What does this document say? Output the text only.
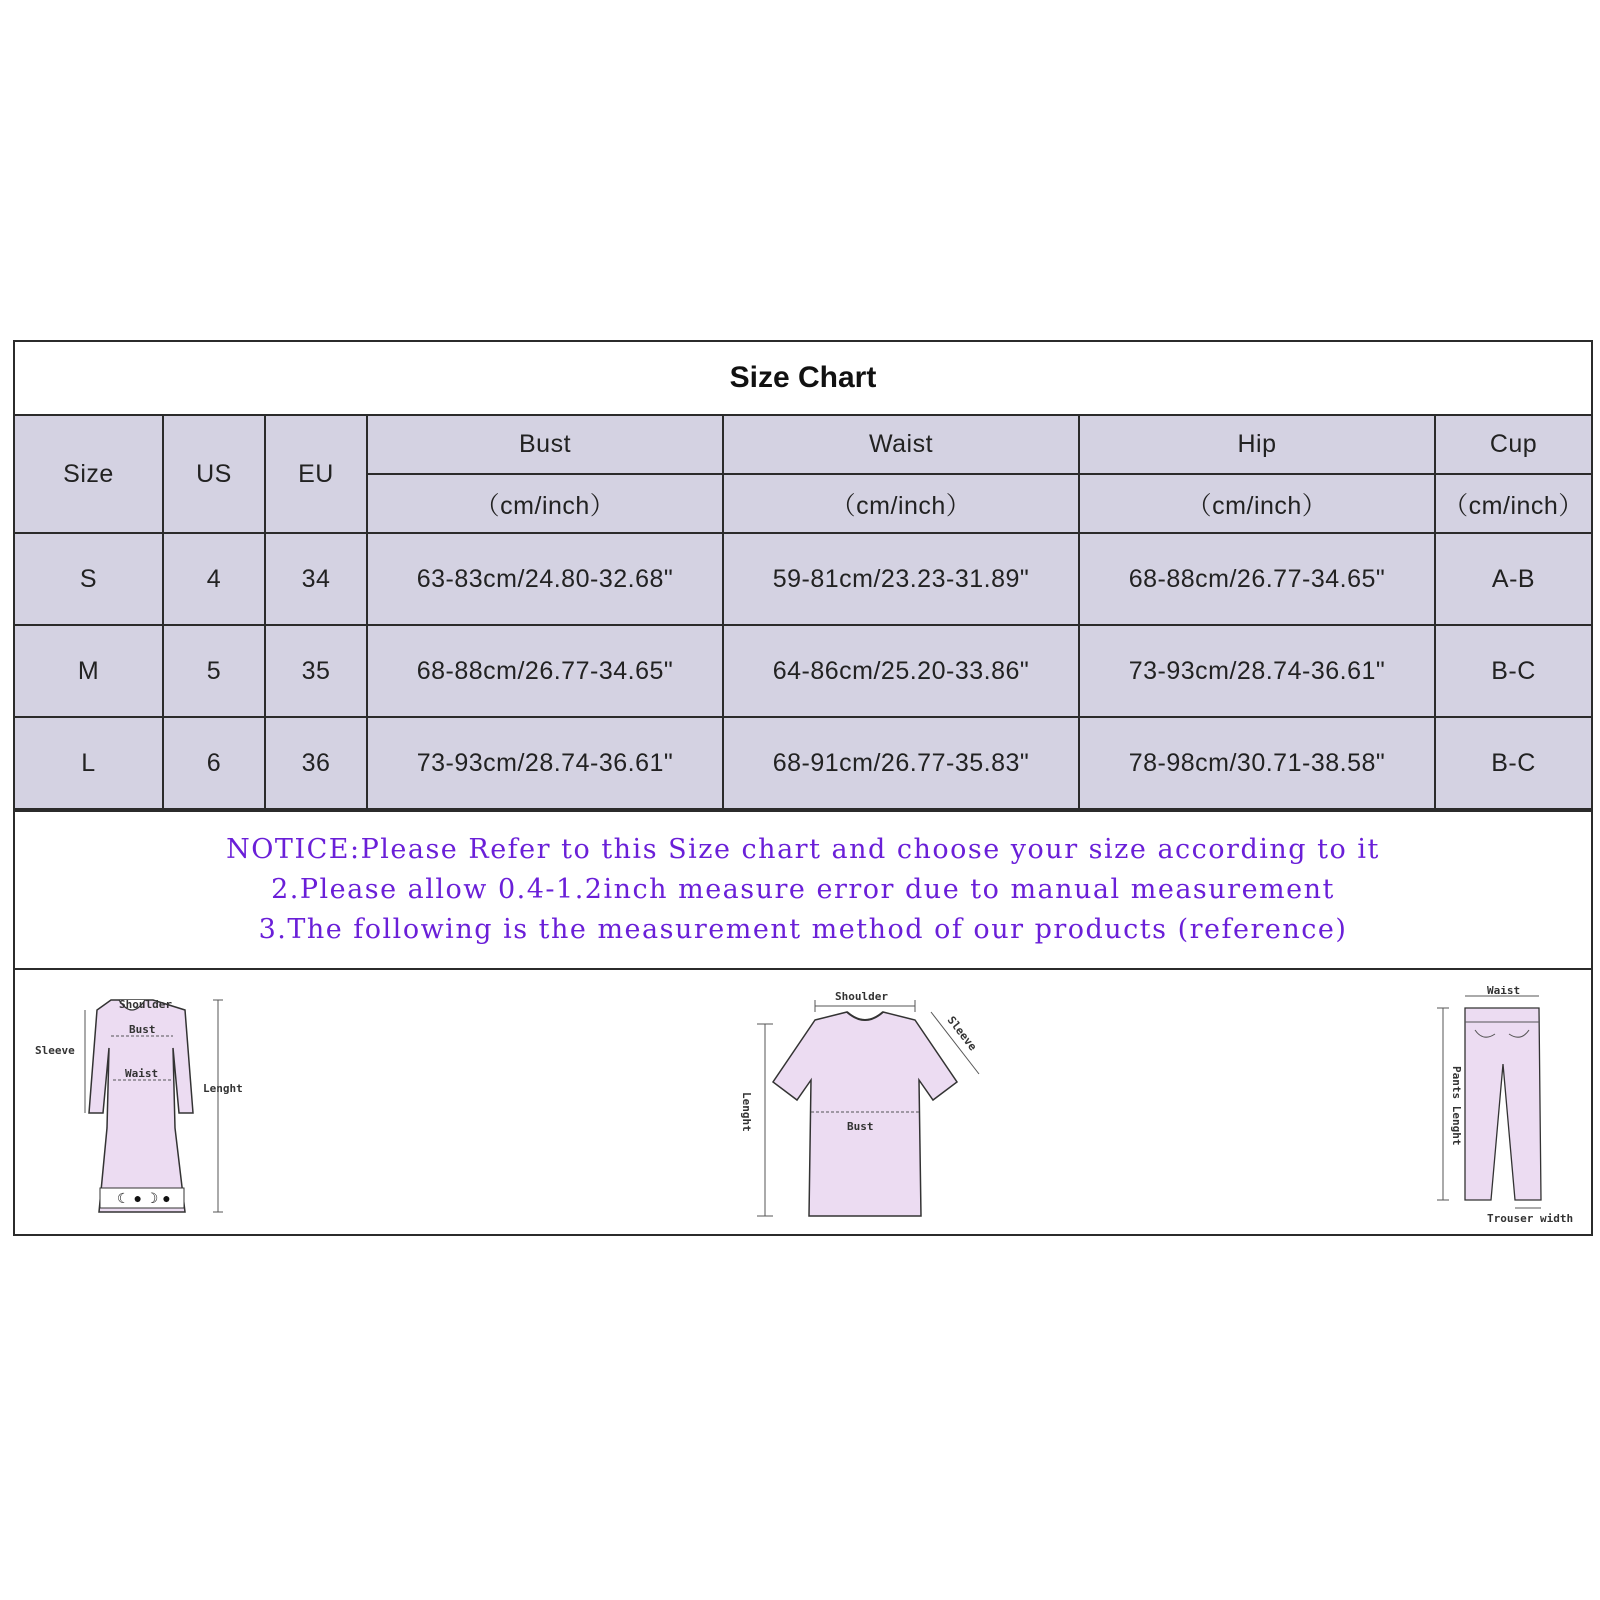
Size Chart
Size	US	EU	Bust	Waist	Hip	Cup
			（cm/inch）	（cm/inch）	（cm/inch）	（cm/inch）
S	4	34	63-83cm/24.80-32.68"	59-81cm/23.23-31.89"	68-88cm/26.77-34.65"	A-B
M	5	35	68-88cm/26.77-34.65"	64-86cm/25.20-33.86"	73-93cm/28.74-36.61"	B-C
L	6	36	73-93cm/28.74-36.61"	68-91cm/26.77-35.83"	78-98cm/30.71-38.58"	B-C
NOTICE:Please Refer to this Size chart and choose your size according to it
2.Please allow 0.4-1.2inch measure error due to manual measurement
3.The following is the measurement method of our products (reference)
☾ ● ☽ ●
Shoulder
Bust
Waist
Sleeve
Lenght
Shoulder
Sleeve
Bust
Lenght
Waist
Pants Lenght
Trouser width
